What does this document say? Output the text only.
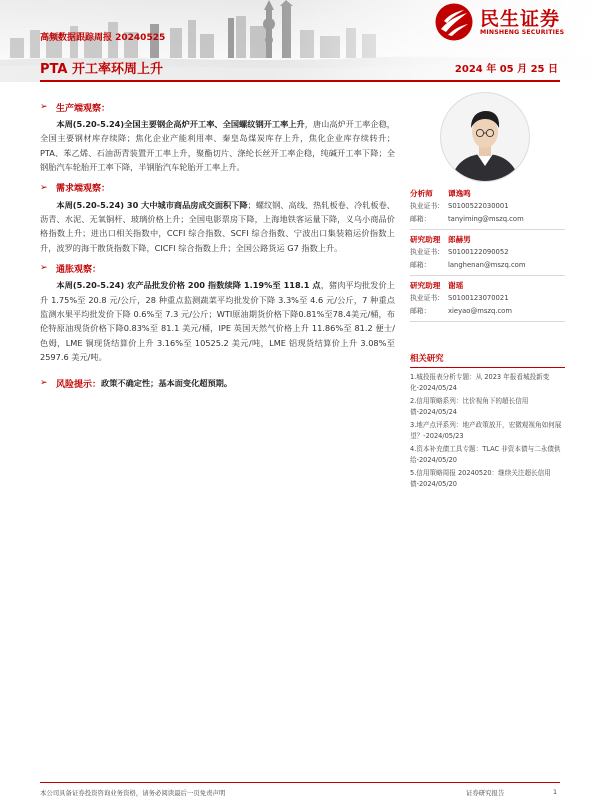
民生证券
MINSHENG SECURITIES
高频数据跟踪周报 20240525
PTA 开工率环周上升	2024 年 05 月 25 日
➢ 生产端观察：

本周(5.20-5.24)全国主要钢企高炉开工率、全国螺纹钢开工率上升，唐山高炉开工率企稳，全国主要钢材库存续降；焦化企业产能利用率、秦皇岛煤炭库存上升，焦化企业库存续转升；PTA、苯乙烯、石油沥青装置开工率上升，聚酯切片、涤纶长丝开工率企稳，纯碱开工率下降；全钢胎汽车轮胎开工率下降，半钢胎汽车轮胎开工率上升。

➢ 需求端观察：

本周(5.20-5.24) 30 大中城市商品房成交面积下降；螺纹钢、高线、热轧板卷、冷轧板卷、沥青、水泥、无氧铜杆、玻璃价格上升；全国电影票房下降，上海地铁客运量下降，义乌小商品价格指数上升；进出口相关指数中，CCFI 综合指数、SCFI 综合指数、宁波出口集装箱运价指数上升，波罗的海干散货指数下降，CICFI 综合指数上升；全国公路货运 G7 指数上升。

➢ 通胀观察：

本周(5.20-5.24) 农产品批发价格 200 指数续降 1.19%至 118.1 点，猪肉平均批发价上升 1.75%至 20.8 元/公斤，28 种重点监测蔬菜平均批发价下降 3.3%至 4.6 元/公斤，7 种重点监测水果平均批发价下降 0.6%至 7.3 元/公斤；WTI原油期货价格下降0.81%至78.4美元/桶，布伦特原油现货价格下降0.83%至 81.1 美元/桶，IPE 英国天然气价格上升 11.86%至 81.2 便士/色姆，LME 铜现货结算价上升 3.16%至 10525.2 美元/吨，LME 铝现货结算价上升 3.08%至 2597.6 美元/吨。

➢ 风险提示： 政策不确定性；基本面变化超预期。
分析师	谭逸鸣
执业证书： S0100522030001
邮箱：	tanyiming@mszq.com
研究助理	郎赫男
执业证书： S0100122090052
邮箱：	langhenan@mszq.com
研究助理	谢瑶
执业证书： S0100123070021
邮箱：	xieyao@mszq.com
相关研究
1.城投报表分析专题：从 2023 年报看城投新变化-2024/05/24
2.信用策略系列：比价视角下的超长信用债-2024/05/24
3.地产点评系列：地产政策放开，宏微观视角如何展望？-2024/05/23
4.资本补充债工具专题：TLAC 非资本债与二永债供给-2024/05/20
5.信用策略周报 20240520：继续关注超长信用债-2024/05/20
本公司具备证券投资咨询业务资格，请务必阅读最后一页免责声明	证券研究报告	1
